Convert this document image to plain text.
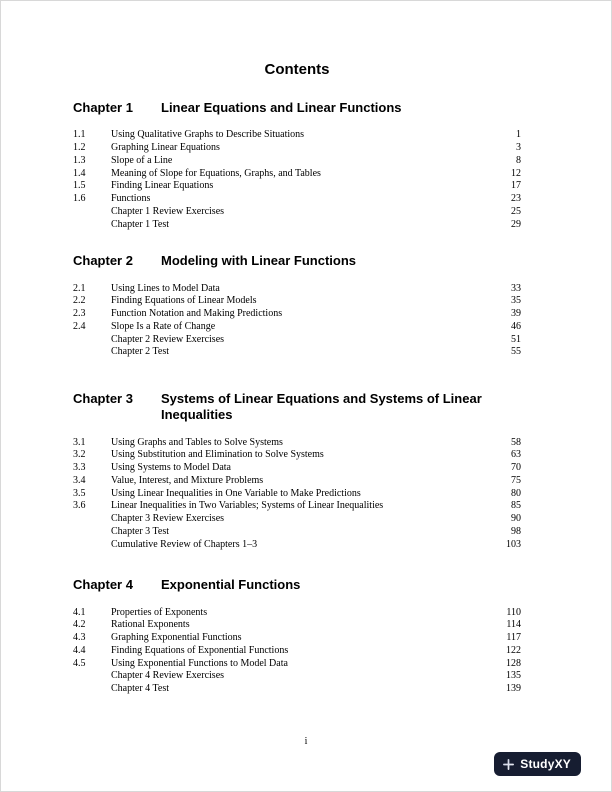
Contents
Chapter 1	Linear Equations and Linear Functions
1.1	Using Qualitative Graphs to Describe Situations	1
1.2	Graphing Linear Equations	3
1.3	Slope of a Line	8
1.4	Meaning of Slope for Equations, Graphs, and Tables	12
1.5	Finding Linear Equations	17
1.6	Functions	23
Chapter 1 Review Exercises	25
Chapter 1 Test	29
Chapter 2	Modeling with Linear Functions
2.1	Using Lines to Model Data	33
2.2	Finding Equations of Linear Models	35
2.3	Function Notation and Making Predictions	39
2.4	Slope Is a Rate of Change	46
Chapter 2 Review Exercises	51
Chapter 2 Test	55
Chapter 3	Systems of Linear Equations and Systems of Linear Inequalities
3.1	Using Graphs and Tables to Solve Systems	58
3.2	Using Substitution and Elimination to Solve Systems	63
3.3	Using Systems to Model Data	70
3.4	Value, Interest, and Mixture Problems	75
3.5	Using Linear Inequalities in One Variable to Make Predictions	80
3.6	Linear Inequalities in Two Variables; Systems of Linear Inequalities	85
Chapter 3 Review Exercises	90
Chapter 3 Test	98
Cumulative Review of Chapters 1–3	103
Chapter 4	Exponential Functions
4.1	Properties of Exponents	110
4.2	Rational Exponents	114
4.3	Graphing Exponential Functions	117
4.4	Finding Equations of Exponential Functions	122
4.5	Using Exponential Functions to Model Data	128
Chapter 4 Review Exercises	135
Chapter 4 Test	139
i
StudyXY
